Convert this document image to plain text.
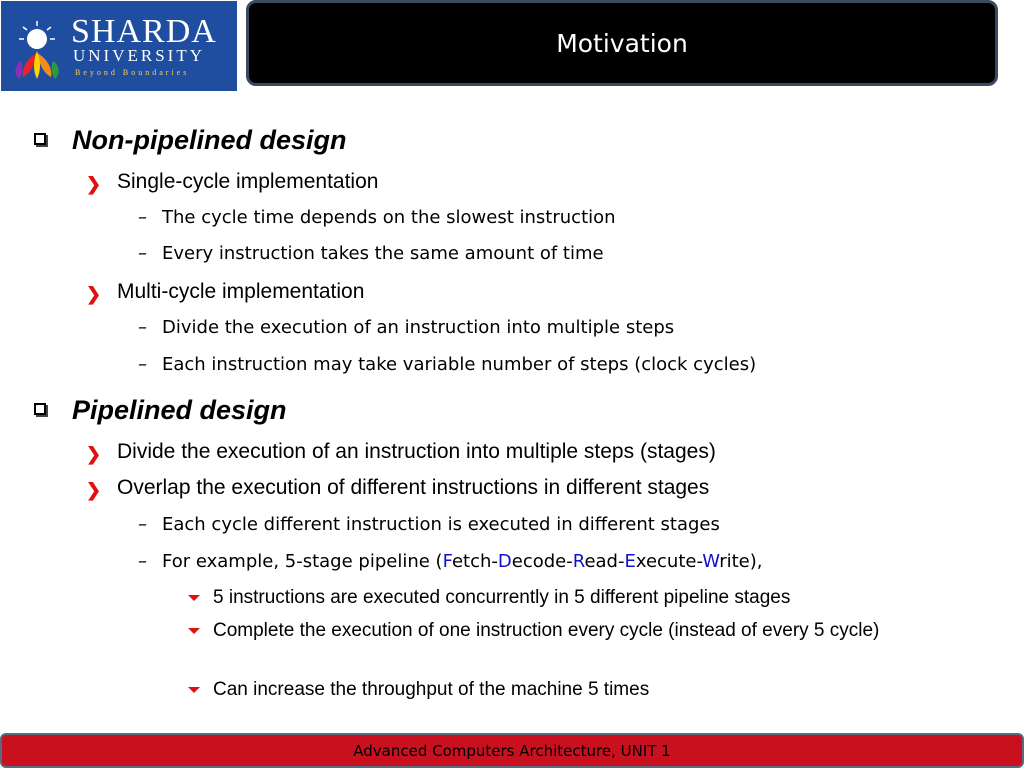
SHARDA
UNIVERSITY
Beyond Boundaries
Motivation
Non-pipelined design
❯ Single-cycle implementation
– The cycle time depends on the slowest instruction
– Every instruction takes the same amount of time
❯ Multi-cycle implementation
– Divide the execution of an instruction into multiple steps
– Each instruction may take variable number of steps (clock cycles)
Pipelined design
❯ Divide the execution of an instruction into multiple steps (stages)
❯ Overlap the execution of different instructions in different stages
– Each cycle different instruction is executed in different stages
– For example, 5-stage pipeline (Fetch-Decode-Read-Execute-Write),
5 instructions are executed concurrently in 5 different pipeline stages
Complete the execution of one instruction every cycle (instead of every 5 cycle)
Can increase the throughput of the machine 5 times
Advanced Computers Architecture, UNIT 1
